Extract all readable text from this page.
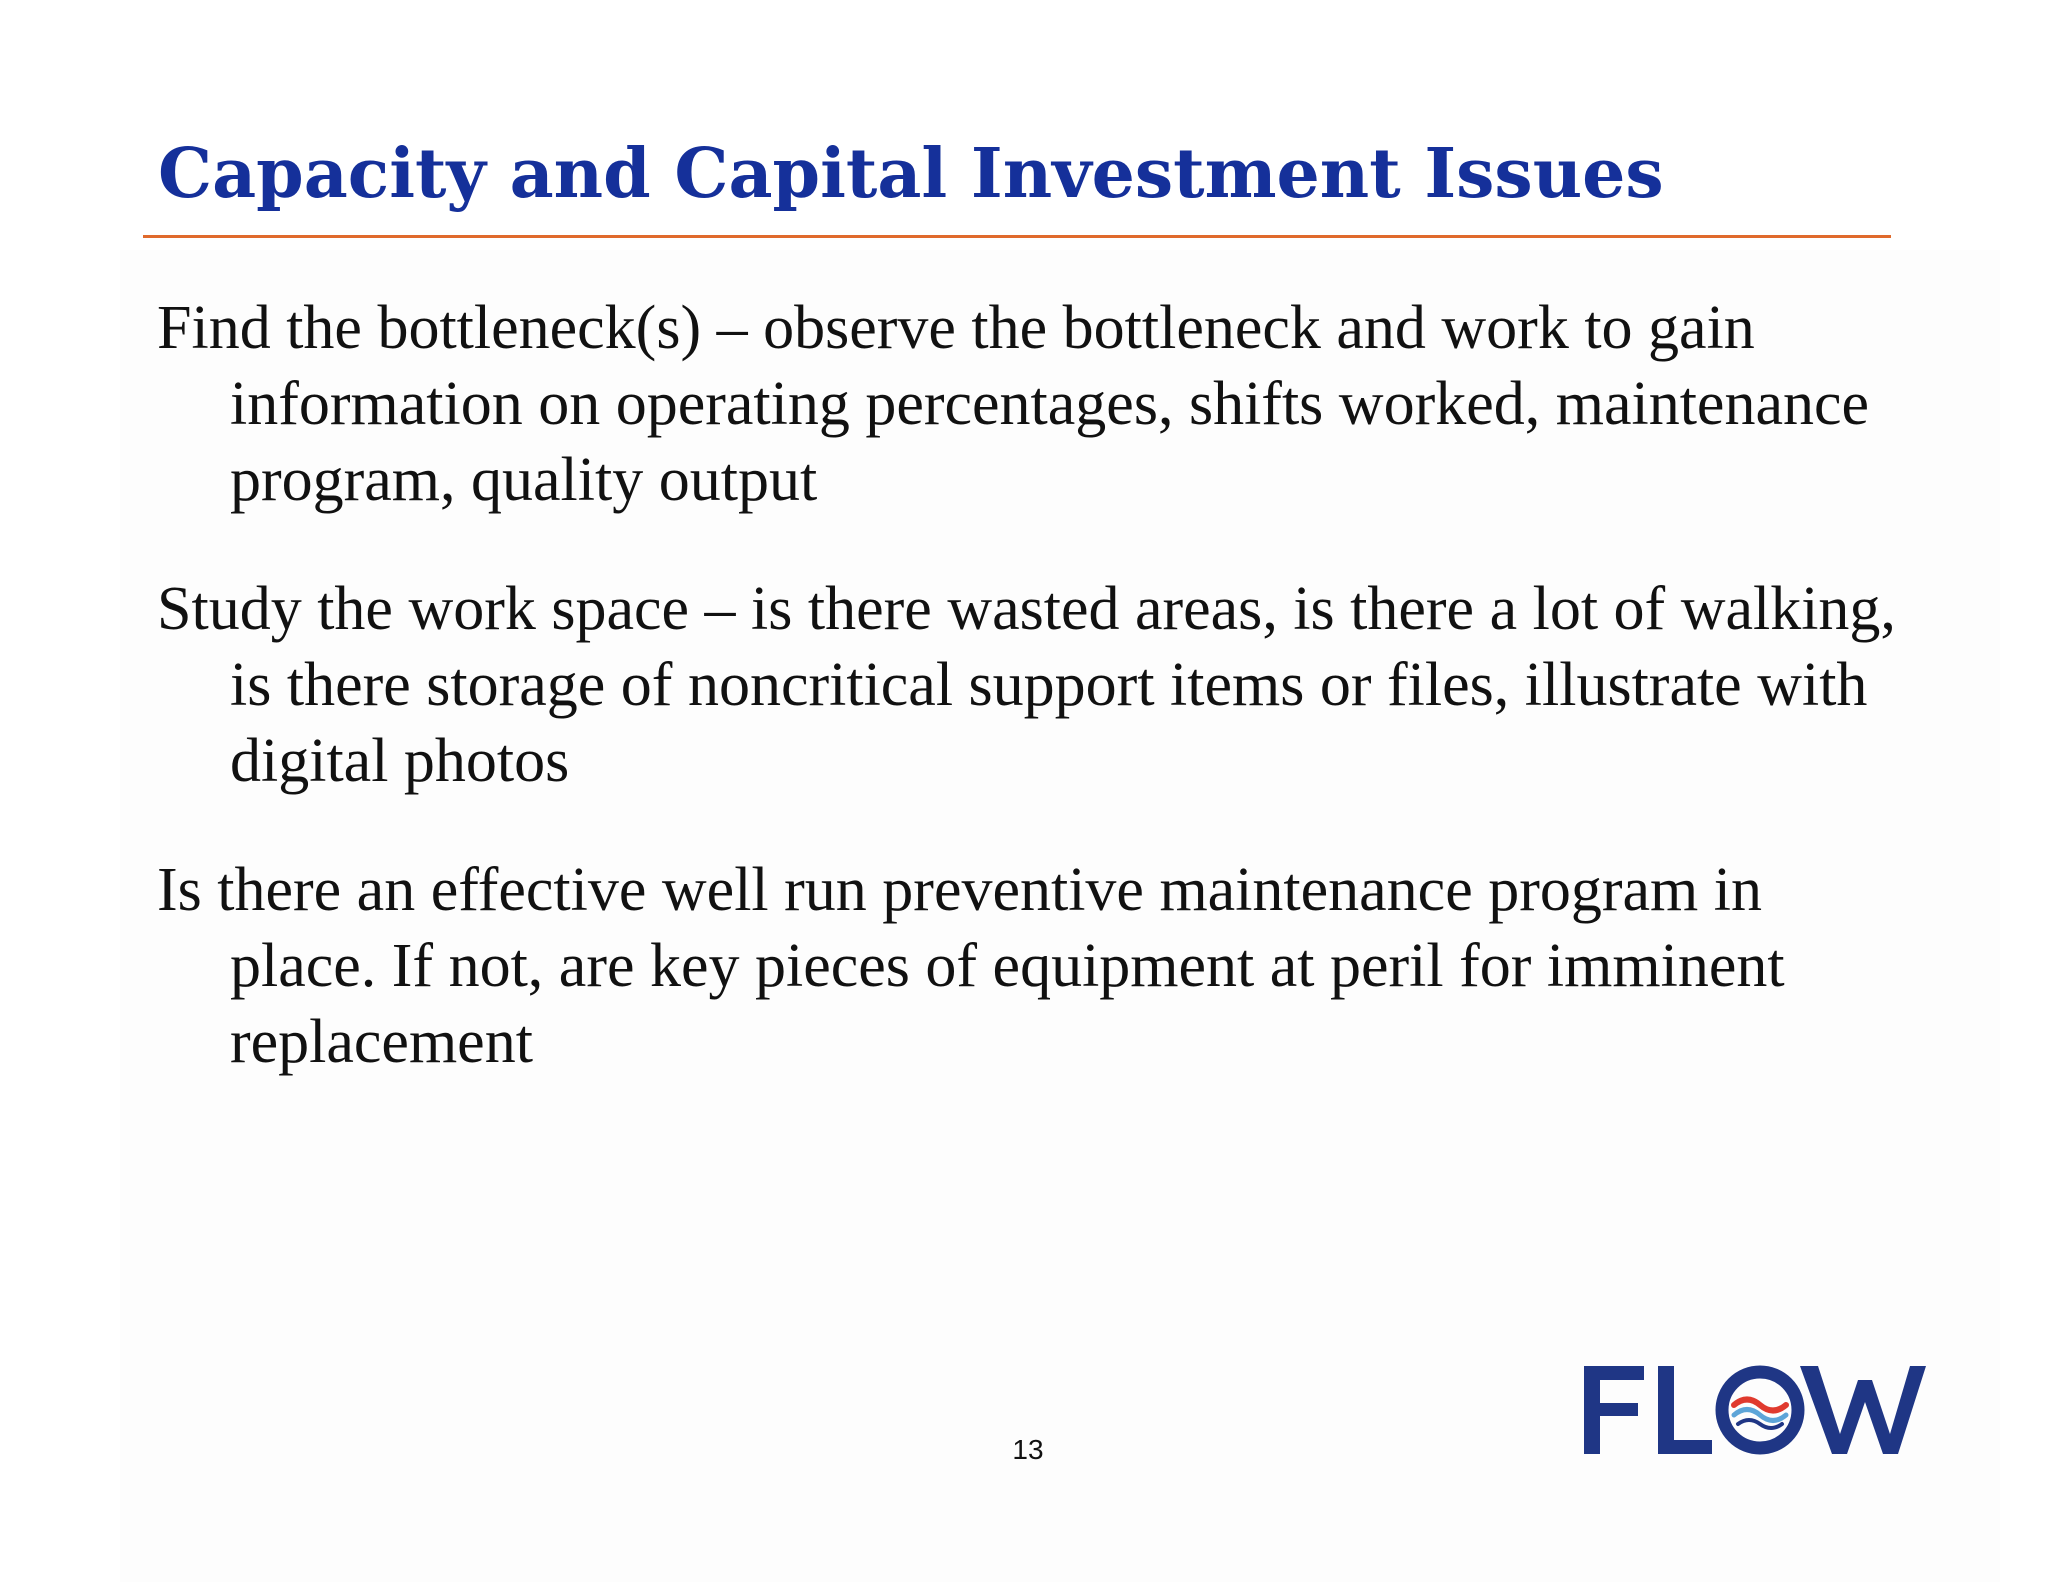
Capacity and Capital Investment Issues
Find the bottleneck(s) – observe the bottleneck and work to gain information on operating percentages, shifts worked, maintenance program, quality output
Study the work space – is there wasted areas, is there a lot of walking, is there storage of noncritical support items or files, illustrate with digital photos
Is there an effective well run preventive maintenance program in place. If not, are key pieces of equipment at peril for imminent replacement
13
